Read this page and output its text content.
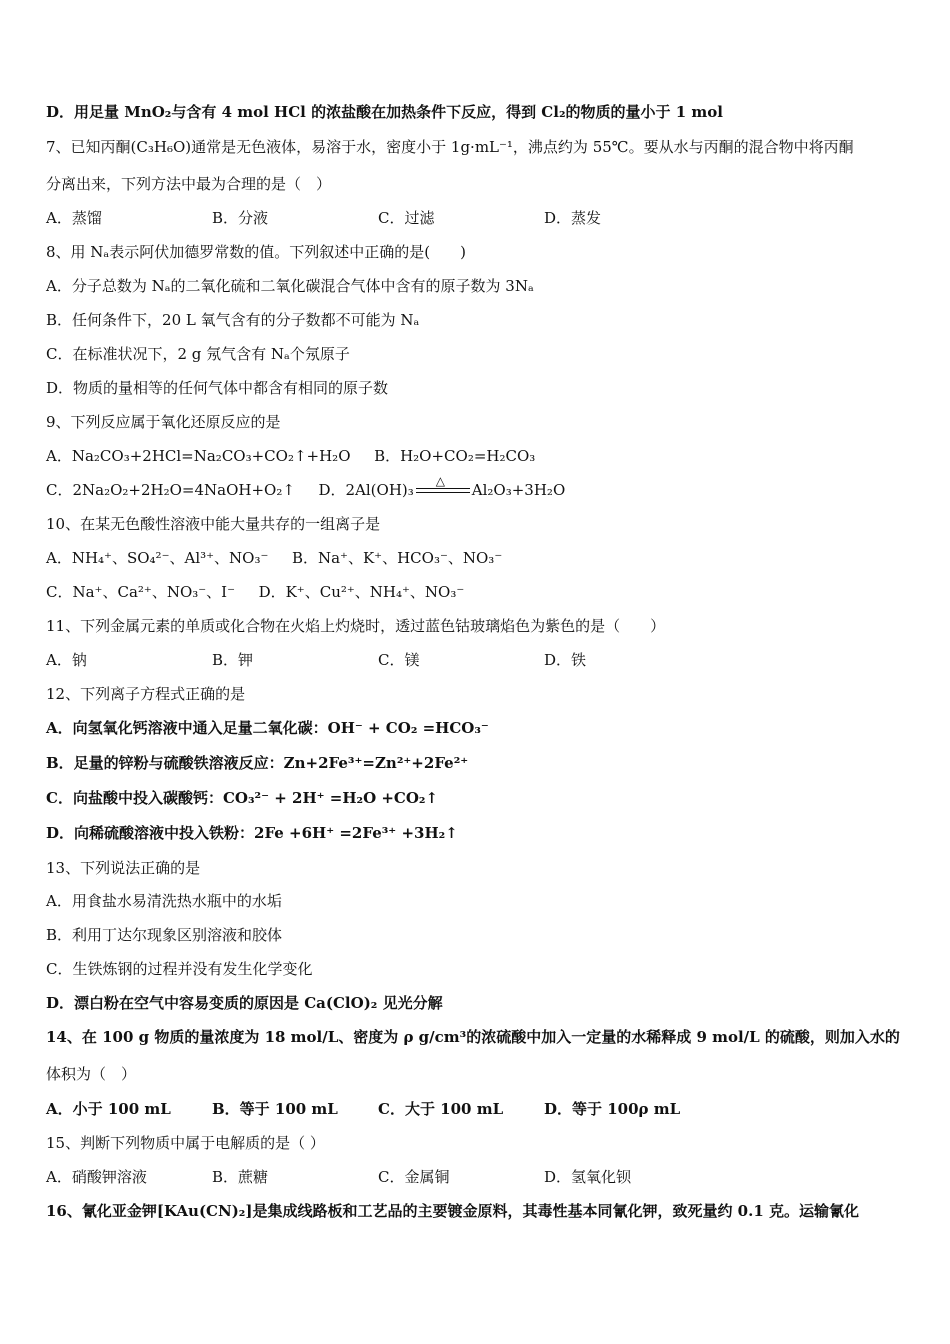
D．用足量 MnO₂与含有 4 mol HCl 的浓盐酸在加热条件下反应，得到 Cl₂的物质的量小于 1 mol
7、已知丙酮(C₃H₆O)通常是无色液体，易溶于水，密度小于 1g·mL⁻¹，沸点约为 55℃。要从水与丙酮的混合物中将丙酮
分离出来，下列方法中最为合理的是（　）
A．蒸馏	B．分液	C．过滤	D．蒸发
8、用 Nₐ表示阿伏加德罗常数的值。下列叙述中正确的是(　　)
A．分子总数为 Nₐ的二氧化硫和二氧化碳混合气体中含有的原子数为 3Nₐ
B．任何条件下，20 L 氧气含有的分子数都不可能为 Nₐ
C．在标准状况下，2 g 氖气含有 Nₐ个氖原子
D．物质的量相等的任何气体中都含有相同的原子数
9、下列反应属于氧化还原反应的是
A．Na₂CO₃+2HCl=Na₂CO₃+CO₂↑+H₂O B．H₂O+CO₂=H₂CO₃
C．2Na₂O₂+2H₂O=4NaOH+O₂↑ D．2Al(OH)₃ △ Al₂O₃+3H₂O
10、在某无色酸性溶液中能大量共存的一组离子是
A．NH₄⁺、SO₄²⁻、Al³⁺、NO₃⁻ B．Na⁺、K⁺、HCO₃⁻、NO₃⁻
C．Na⁺、Ca²⁺、NO₃⁻、I⁻ D．K⁺、Cu²⁺、NH₄⁺、NO₃⁻
11、下列金属元素的单质或化合物在火焰上灼烧时，透过蓝色钴玻璃焰色为紫色的是（　　）
A．钠	B．钾	C．镁	D．铁
12、下列离子方程式正确的是
A．向氢氧化钙溶液中通入足量二氧化碳：OH⁻ + CO₂ =HCO₃⁻
B．足量的锌粉与硫酸铁溶液反应：Zn+2Fe³⁺=Zn²⁺+2Fe²⁺
C．向盐酸中投入碳酸钙：CO₃²⁻ + 2H⁺ =H₂O +CO₂↑
D．向稀硫酸溶液中投入铁粉：2Fe +6H⁺ =2Fe³⁺ +3H₂↑
13、下列说法正确的是
A．用食盐水易清洗热水瓶中的水垢
B．利用丁达尔现象区别溶液和胶体
C．生铁炼钢的过程并没有发生化学变化
D．漂白粉在空气中容易变质的原因是 Ca(ClO)₂ 见光分解
14、在 100 g 物质的量浓度为 18 mol/L、密度为 ρ g/cm³的浓硫酸中加入一定量的水稀释成 9 mol/L 的硫酸，则加入水的
体积为（　）
A．小于 100 mL	B．等于 100 mL	C．大于 100 mL	D．等于 100ρ mL
15、判断下列物质中属于电解质的是（ ）
A．硝酸钾溶液	B．蔗糖	C．金属铜	D．氢氧化钡
16、氰化亚金钾[KAu(CN)₂]是集成线路板和工艺品的主要镀金原料，其毒性基本同氰化钾，致死量约 0.1 克。运输氰化
